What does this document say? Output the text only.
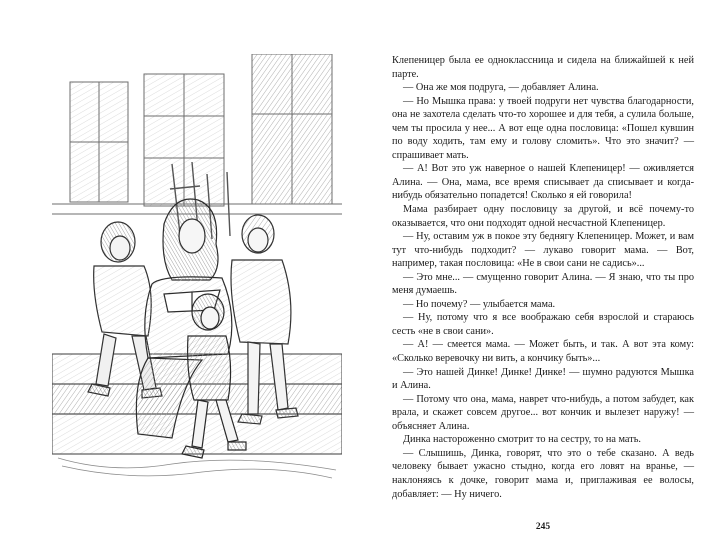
Клепеницер была ее одноклассница и сидела на ближайшей к ней парте.

— Она же моя подруга, — добавляет Алина.

— Но Мышка права: у твоей подруги нет чувства благодарности, она не захотела сделать что-то хорошее и для тебя, а сулила больше, чем ты просила у нее... А вот еще одна пословица: «Пошел кувшин по воду ходить, там ему и голову сломить». Что это значит? — спрашивает мать.

— А! Вот это уж наверное о нашей Клепеницер! — оживляется Алина. — Она, мама, все время списывает да списывает и когда-нибудь обязательно попадется! Сколько я ей говорила!

Мама разбирает одну пословицу за другой, и всё почему-то оказывается, что они подходят одной несчастной Клепеницер.

— Ну, оставим уж в покое эту беднягу Клепеницер. Может, и вам тут что-нибудь подходит? — лукаво говорит мама. — Вот, например, такая пословица: «Не в свои сани не садись»...

— Это мне... — смущенно говорит Алина. — Я знаю, что ты про меня думаешь.

— Но почему? — улыбается мама.

— Ну, потому что я все воображаю себя взрослой и стараюсь сесть «не в свои сани».

— А! — смеется мама. — Может быть, и так. А вот эта кому: «Сколько веревочку ни вить, а кончику быть»...

— Это нашей Динке! Динке! Динке! — шумно радуются Мышка и Алина.

— Потому что она, мама, наврет что-нибудь, а потом забудет, как врала, и скажет совсем другое... вот кончик и вылезет наружу! — объясняет Алина.

Динка настороженно смотрит то на сестру, то на мать.

— Слышишь, Динка, говорят, что это о тебе сказано. А ведь человеку бывает ужасно стыдно, когда его ловят на вранье, — наклоняясь к дочке, говорит мама и, приглаживая ее волосы, добавляет: — Ну ничего.

245
